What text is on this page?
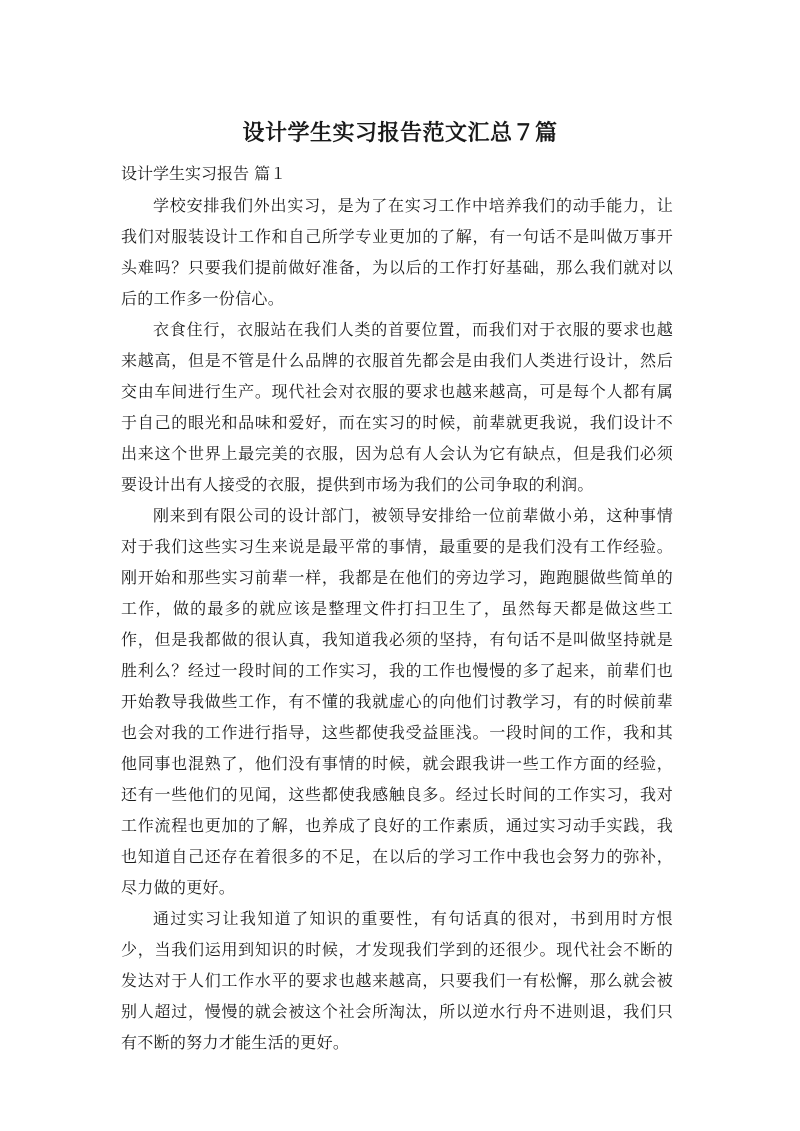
设计学生实习报告范文汇总７篇
设计学生实习报告 篇１

学校安排我们外出实习，是为了在实习工作中培养我们的动手能力，让我们对服装设计工作和自己所学专业更加的了解，有一句话不是叫做万事开头难吗？只要我们提前做好准备，为以后的工作打好基础，那么我们就对以后的工作多一份信心。

衣食住行，衣服站在我们人类的首要位置，而我们对于衣服的要求也越来越高，但是不管是什么品牌的衣服首先都会是由我们人类进行设计，然后交由车间进行生产。现代社会对衣服的要求也越来越高，可是每个人都有属于自己的眼光和品味和爱好，而在实习的时候，前辈就更我说，我们设计不出来这个世界上最完美的衣服，因为总有人会认为它有缺点，但是我们必须要设计出有人接受的衣服，提供到市场为我们的公司争取的利润。

刚来到有限公司的设计部门，被领导安排给一位前辈做小弟，这种事情对于我们这些实习生来说是最平常的事情，最重要的是我们没有工作经验。刚开始和那些实习前辈一样，我都是在他们的旁边学习，跑跑腿做些简单的工作，做的最多的就应该是整理文件打扫卫生了，虽然每天都是做这些工作，但是我都做的很认真，我知道我必须的坚持，有句话不是叫做坚持就是胜利么？经过一段时间的工作实习，我的工作也慢慢的多了起来，前辈们也开始教导我做些工作，有不懂的我就虚心的向他们讨教学习，有的时候前辈也会对我的工作进行指导，这些都使我受益匪浅。一段时间的工作，我和其他同事也混熟了，他们没有事情的时候，就会跟我讲一些工作方面的经验，还有一些他们的见闻，这些都使我感触良多。经过长时间的工作实习，我对工作流程也更加的了解，也养成了良好的工作素质，通过实习动手实践，我也知道自己还存在着很多的不足，在以后的学习工作中我也会努力的弥补，尽力做的更好。

通过实习让我知道了知识的重要性，有句话真的很对，书到用时方恨少，当我们运用到知识的时候，才发现我们学到的还很少。现代社会不断的发达对于人们工作水平的要求也越来越高，只要我们一有松懈，那么就会被别人超过，慢慢的就会被这个社会所淘汰，所以逆水行舟不进则退，我们只有不断的努力才能生活的更好。
